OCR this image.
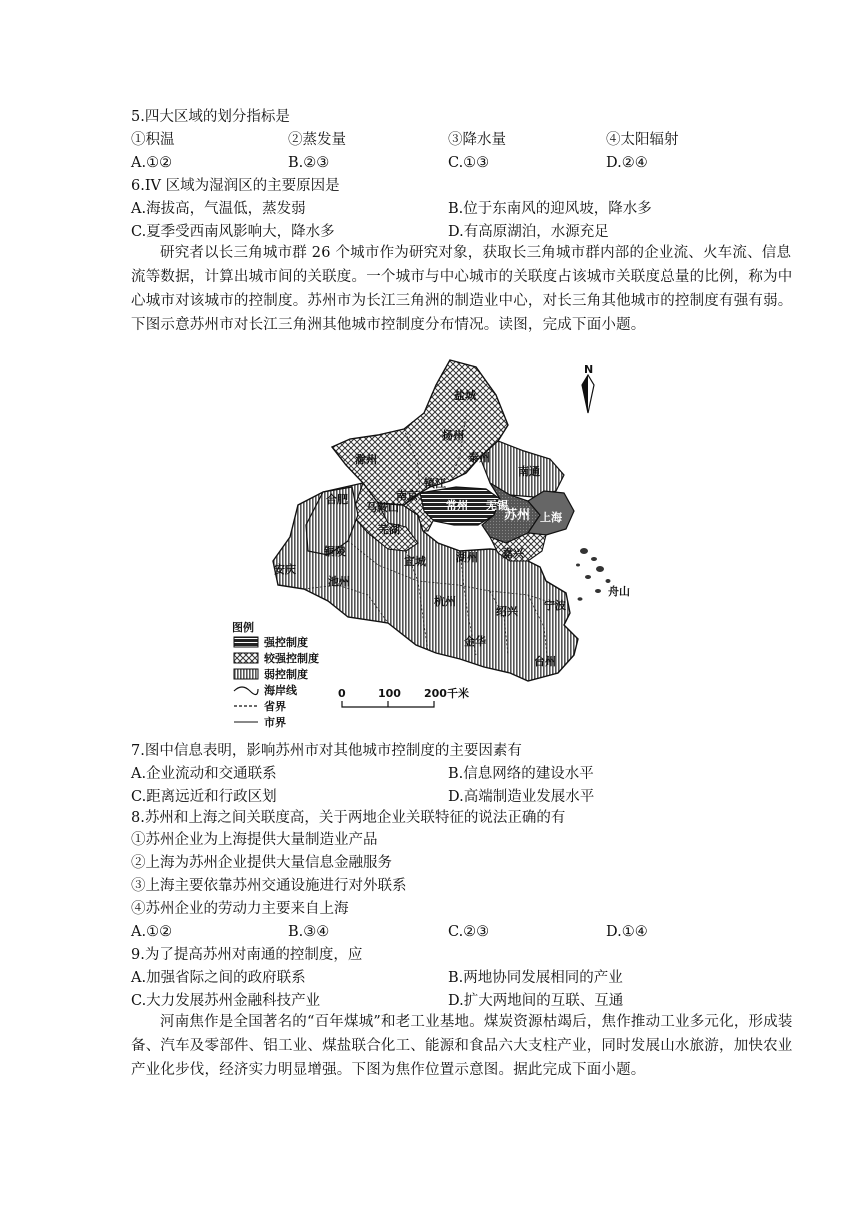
5.四大区域的划分指标是
①积温	②蒸发量	③降水量	④太阳辐射
A.①②	B.②③	C.①③	D.②④
6.IV 区域为湿润区的主要原因是
A.海拔高，气温低，蒸发弱	B.位于东南风的迎风坡，降水多
C.夏季受西南风影响大，降水多	D.有高原湖泊，水源充足
研究者以长三角城市群 26 个城市作为研究对象，获取长三角城市群内部的企业流、火车流、信息流等数据，计算出城市间的关联度。一个城市与中心城市的关联度占该城市关联度总量的比例，称为中心城市对该城市的控制度。苏州市为长江三角洲的制造业中心，对长三角其他城市的控制度有强有弱。下图示意苏州市对长江三角洲其他城市控制度分布情况。读图，完成下面小题。
N
盐城
扬州
泰州
南通
滁州
南京
镇江
常州 无锡
苏州 上海
合肥
马鞍山
芜湖
铜陵
安庆
池州
宣城	湖州 嘉兴
杭州
绍兴 宁波
舟山
金华
台州
图例
强控制度
较强控制度
弱控制度
海岸线
省界
市界
0	100 200千米
7.图中信息表明，影响苏州市对其他城市控制度的主要因素有
A.企业流动和交通联系	B.信息网络的建设水平
C.距离远近和行政区划	D.高端制造业发展水平
8.苏州和上海之间关联度高，关于两地企业关联特征的说法正确的有
①苏州企业为上海提供大量制造业产品
②上海为苏州企业提供大量信息金融服务
③上海主要依靠苏州交通设施进行对外联系
④苏州企业的劳动力主要来自上海
A.①②	B.③④	C.②③	D.①④
9.为了提高苏州对南通的控制度，应
A.加强省际之间的政府联系	B.两地协同发展相同的产业
C.大力发展苏州金融科技产业	D.扩大两地间的互联、互通
河南焦作是全国著名的“百年煤城”和老工业基地。煤炭资源枯竭后，焦作推动工业多元化，形成装备、汽车及零部件、铝工业、煤盐联合化工、能源和食品六大支柱产业，同时发展山水旅游，加快农业产业化步伐，经济实力明显增强。下图为焦作位置示意图。据此完成下面小题。
